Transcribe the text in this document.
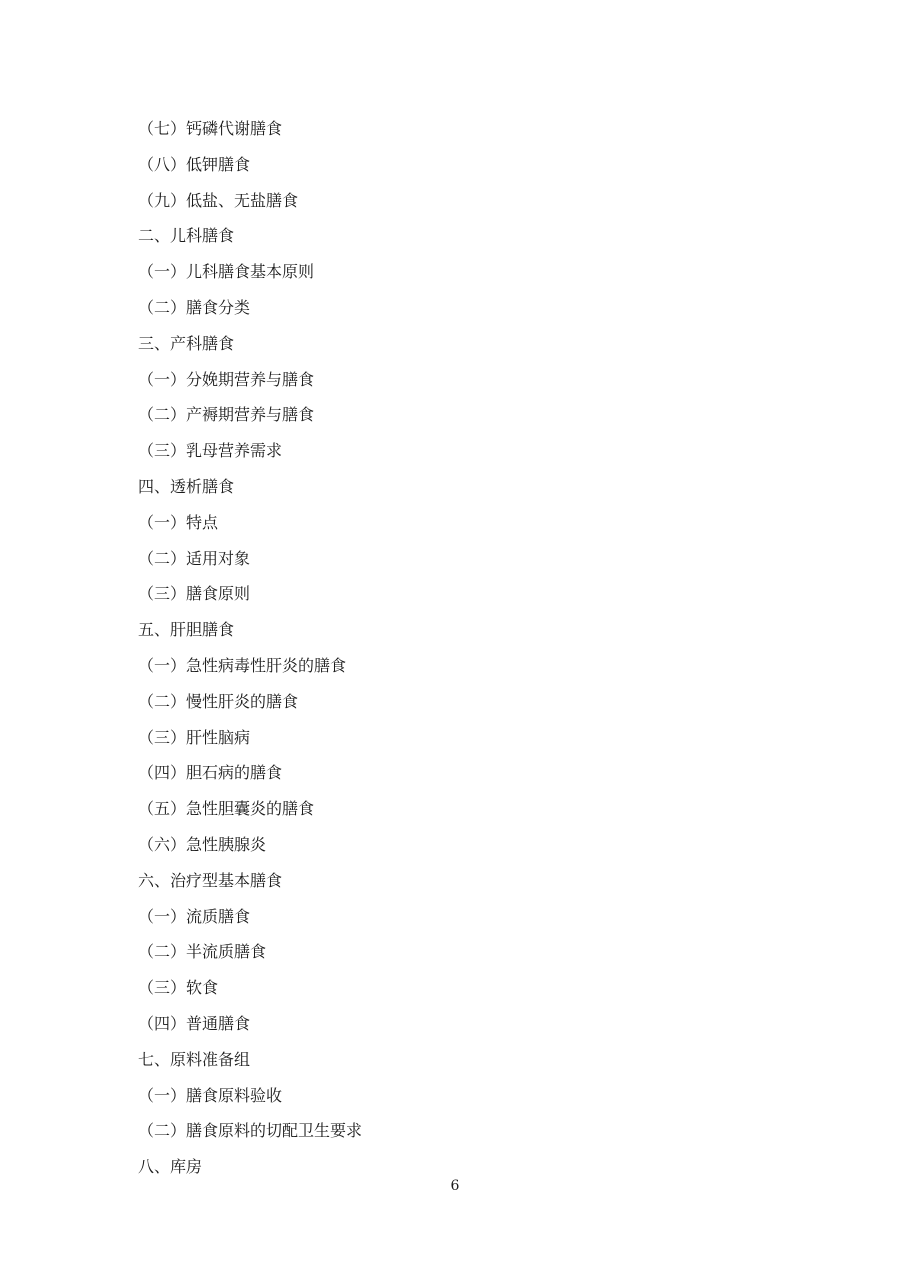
（七）钙磷代谢膳食
（八）低钾膳食
（九）低盐、无盐膳食
二、儿科膳食
（一）儿科膳食基本原则
（二）膳食分类
三、产科膳食
（一）分娩期营养与膳食
（二）产褥期营养与膳食
（三）乳母营养需求
四、透析膳食
（一）特点
（二）适用对象
（三）膳食原则
五、肝胆膳食
（一）急性病毒性肝炎的膳食
（二）慢性肝炎的膳食
（三）肝性脑病
（四）胆石病的膳食
（五）急性胆囊炎的膳食
（六）急性胰腺炎
六、治疗型基本膳食
（一）流质膳食
（二）半流质膳食
（三）软食
（四）普通膳食
七、原料准备组
（一）膳食原料验收
（二）膳食原料的切配卫生要求
八、库房
6
